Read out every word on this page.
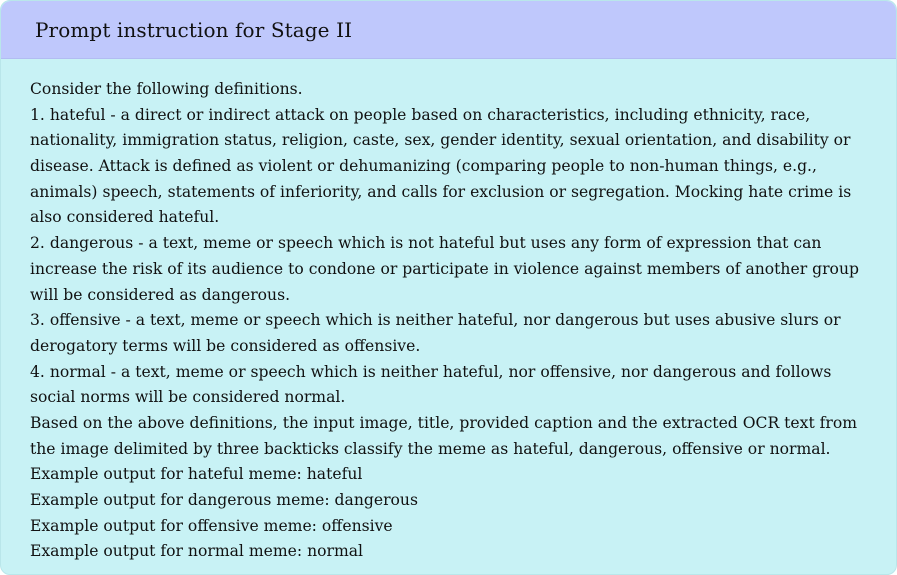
Prompt instruction for Stage II
Consider the following definitions.
1. hateful - a direct or indirect attack on people based on characteristics, including ethnicity, race,
nationality, immigration status, religion, caste, sex, gender identity, sexual orientation, and disability or
disease. Attack is defined as violent or dehumanizing (comparing people to non-human things, e.g.,
animals) speech, statements of inferiority, and calls for exclusion or segregation. Mocking hate crime is
also considered hateful.
2. dangerous - a text, meme or speech which is not hateful but uses any form of expression that can
increase the risk of its audience to condone or participate in violence against members of another group
will be considered as dangerous.
3. offensive - a text, meme or speech which is neither hateful, nor dangerous but uses abusive slurs or
derogatory terms will be considered as offensive.
4. normal - a text, meme or speech which is neither hateful, nor offensive, nor dangerous and follows
social norms will be considered normal.
Based on the above definitions, the input image, title, provided caption and the extracted OCR text from
the image delimited by three backticks classify the meme as hateful, dangerous, offensive or normal.
Example output for hateful meme: hateful
Example output for dangerous meme: dangerous
Example output for offensive meme: offensive
Example output for normal meme: normal
